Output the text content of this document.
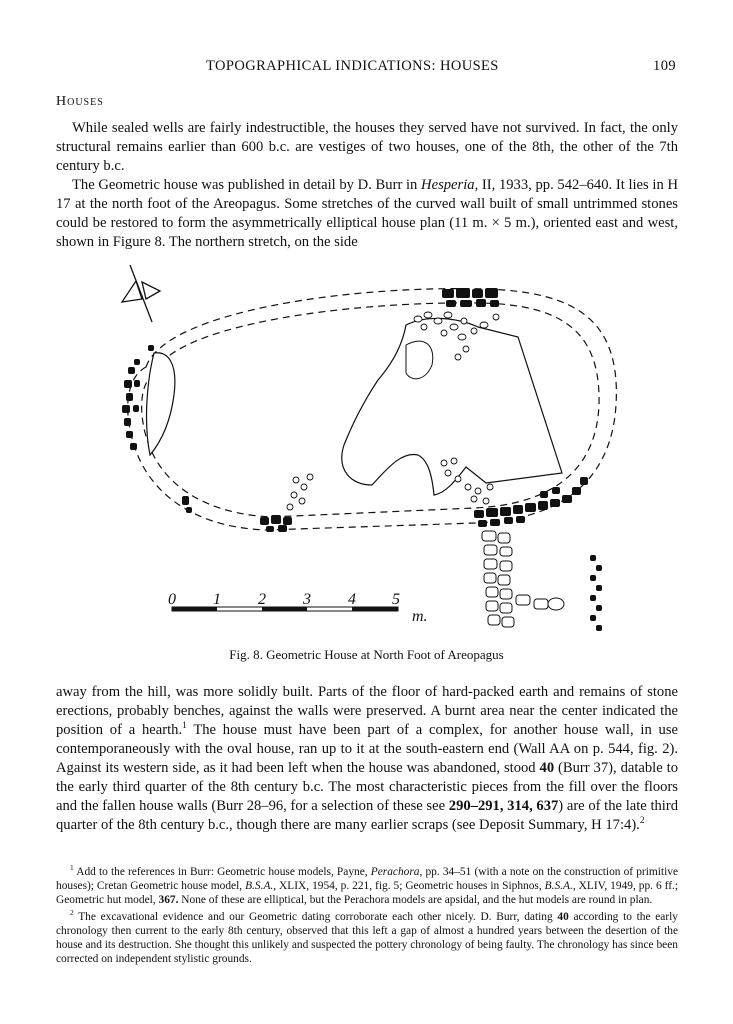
TOPOGRAPHICAL INDICATIONS: HOUSES	109
Houses

While sealed wells are fairly indestructible, the houses they served have not survived. In fact, the only structural remains earlier than 600 b.c. are vestiges of two houses, one of the 8th, the other of the 7th century b.c.

The Geometric house was published in detail by D. Burr in Hesperia, II, 1933, pp. 542–640. It lies in H 17 at the north foot of the Areopagus. Some stretches of the curved wall built of small untrimmed stones could be restored to form the asymmetrically elliptical house plan (11 m. × 5 m.), oriented east and west, shown in Figure 8. The northern stretch, on the side

0 1 2 3 4 5
m.
Fig. 8. Geometric House at North Foot of Areopagus

away from the hill, was more solidly built. Parts of the floor of hard-packed earth and remains of stone erections, probably benches, against the walls were preserved. A burnt area near the center indicated the position of a hearth.$^1$ The house must have been part of a complex, for another house wall, in use contemporaneously with the oval house, ran up to it at the south-eastern end (Wall AA on p. 544, fig. 2). Against its western side, as it had been left when the house was abandoned, stood 40 (Burr 37), datable to the early third quarter of the 8th century b.c. The most characteristic pieces from the fill over the floors and the fallen house walls (Burr 28–96, for a selection of these see 290–291, 314, 637) are of the late third quarter of the 8th century b.c., though there are many earlier scraps (see Deposit Summary, H 17:4).$^2$

$^1$ Add to the references in Burr: Geometric house models, Payne, Perachora, pp. 34–51 (with a note on the construction of primitive houses); Cretan Geometric house model, B.S.A., XLIX, 1954, p. 221, fig. 5; Geometric houses in Siphnos, B.S.A., XLIV, 1949, pp. 6 ff.; Geometric hut model, 367. None of these are elliptical, but the Perachora models are apsidal, and the hut models are round in plan.

$^2$ The excavational evidence and our Geometric dating corroborate each other nicely. D. Burr, dating 40 according to the early chronology then current to the early 8th century, observed that this left a gap of almost a hundred years between the desertion of the house and its destruction. She thought this unlikely and suspected the pottery chronology of being faulty. The chronology has since been corrected on independent stylistic grounds.
